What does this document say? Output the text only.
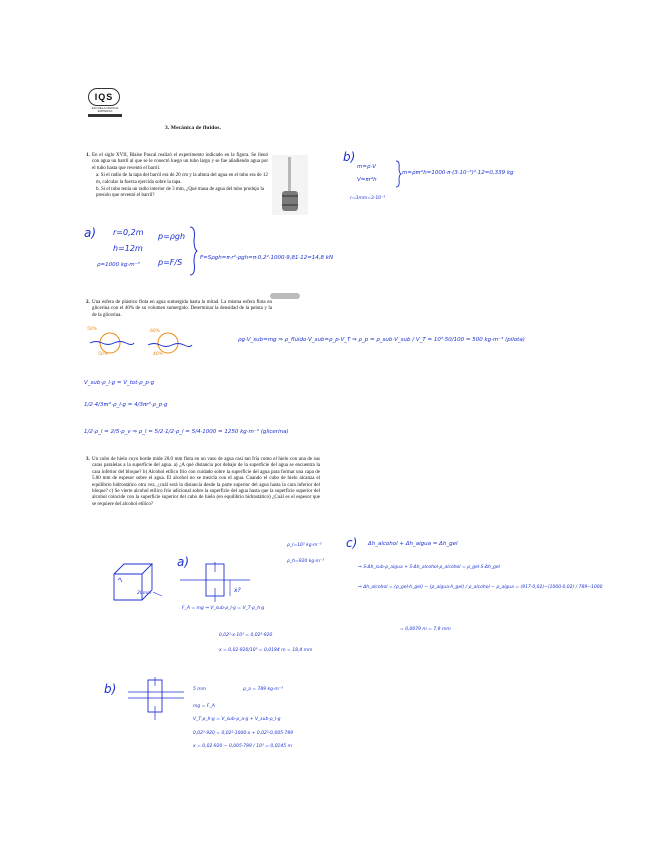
IQS
ESCUELA CIENCIA EMPRESA
3. Mecánica de fluidos.
1. En el siglo XVII, Blaise Pascal realizó el experimento indicado en la figura. Se llenó con agua un barril al que se le conectó luego un tubo largo y se fue añadiendo agua por el tubo hasta que reventó el barril.
a. Si el radio de la tapa del barril era de 20 cm y la altura del agua en el tubo era de 12 m, calcular la fuerza ejercida sobre la tapa.
b. Si el tubo tenía un radio interior de 3 mm, ¿Qué masa de agua del tubo produjo la presión que reventó el barril?
b)
m=ρ·V
V=πr²h
m=ρπr²h=1000·π·(3·10⁻³)²·12=0,339 kg
r=3mm=3·10⁻³
a) r=0,2m
h=12m
ρ=1000 kg·m⁻³
p=ρgh
p=F/S	F=Sρgh=π·r²·ρgh=π·0,2²·1000·9,81·12=14,8 kN
2. Una esfera de plástico flota en agua sumergida hasta la mitad. La misma esfera flota en glicerina con el 40% de su volumen sumergido. Determinar la densidad de la pelota y la de la glicerina.
50%
50%
60%
40%
ρg·V_sub=mg ⇒ ρ_fluido·V_sub=ρ_p·V_T ⇒ ρ_p = ρ_sub·V_sub / V_T = 10³·50/100 = 500 kg·m⁻³ (pilota)
V_sub·ρ_l·g = V_tot·ρ_p·g
1/2·4/3πr³·ρ_l·g = 4/3πr³·ρ_p·g
1/2·ρ_l = 2/5·ρ_v ⇒ ρ_l = 5/2·1/2·ρ_l = 5/4·1000 = 1250 kg·m⁻³ (glicerina)
3. Un cubo de hielo cuyo borde mide 20.0 mm flota en un vaso de agua casi tan fría como el hielo con una de sus caras paralelas a la superficie del agua. a) ¿A qué distancia por debajo de la superficie del agua se encuentra la cara inferior del bloque? b) Alcohol etílico frío con cuidado sobre la superficie del agua para formar una capa de 5.00 mm de espesor sobre el agua. El alcohol no se mezcla con el agua. Cuando el cubo de hielo alcanza el equilibrio hidrostático otra vez, ¿cuál será la distancia desde la parte superior del agua hasta la cara inferior del bloque? c) Se vierte alcohol etílico frío adicional sobre la superficie del agua hasta que la superficie superior del alcohol coincide con la superficie superior del cubo de hielo (en equilibrio hidrostático) ¿Cuál es el espesor que se requiere del alcohol etílico?
ρ_l=10³ kg·m⁻³
ρ_h=920 kg·m⁻³
c) Δh_alcohol + Δh_aigua = Δh_gel
⇒ S·Δh_sub·ρ_aigua + S·Δh_alcohol·ρ_alcohol = ρ_gel·S·Δh_gel
⇒ Δh_alcohol = (ρ_gel·h_gel) − (ρ_aigua·h_gel) / ρ_alcohol − ρ_aigua = (917·0,02)−(1000·0,02) / 789−1000
= 0,0079 m = 7,9 mm
20mm
a)
x?
F_A = mg ⇒ V_sub·ρ_l·g = V_T·ρ_h·g
0,02³·x·10³ = 0,02³·920
x = 0,02·920/10³ = 0,0184 m = 18,4 mm
b)	5 mm	ρ_a = 789 kg·m⁻³
mg = F_A
V_T·ρ_h·g = V_sub·ρ_a·g + V_sub·ρ_l·g
0,02³·920 = 0,02²·1000·x + 0,02²·0,005·789
x = 0,02·920 − 0,005·789 / 10³ = 0,0145 m
